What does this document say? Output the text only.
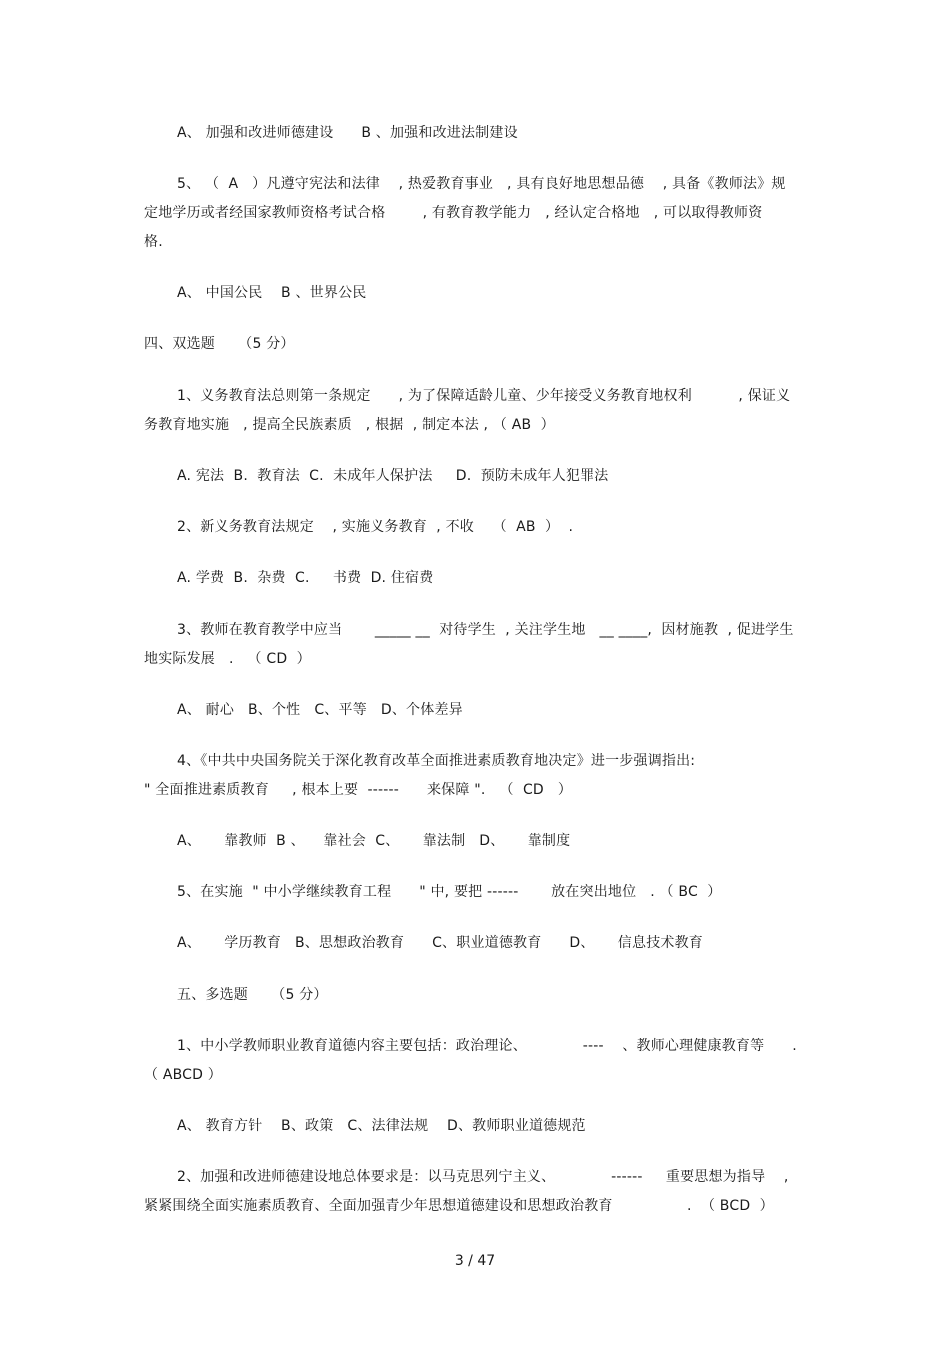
A、 加强和改进师德建设      B 、加强和改进法制建设
5、 （  A   ）凡遵守宪法和法律    , 热爱教育事业   , 具有良好地思想品德    , 具备《教师法》规
定地学历或者经国家教师资格考试合格        , 有教育教学能力   , 经认定合格地   , 可以取得教师资
格.
A、 中国公民    B 、世界公民
四、双选题     （5 分）
1、义务教育法总则第一条规定      , 为了保障适龄儿童、少年接受义务教育地权利          , 保证义
务教育地实施   , 提高全民族素质   , 根据  , 制定本法 , （ AB  ）
A. 宪法  B.  教育法  C.  未成年人保护法     D.  预防未成年人犯罪法
2、新义务教育法规定    , 实施义务教育  , 不收    （  AB  ）  .
A. 学费  B.  杂费  C.     书费  D. 住宿费
3、教师在教育教学中应当       _____ __  对待学生  , 关注学生地   __ ____,  因材施教  , 促进学生
地实际发展   .   （ CD  ）
A、 耐心   B、个性   C、平等   D、个体差异
4、《中共中央国务院关于深化教育改革全面推进素质教育地决定》进一步强调指出:
" 全面推进素质教育     , 根本上要  ------      来保障 ".   （  CD   ）
A、     靠教师  B 、    靠社会  C、     靠法制   D、     靠制度
5、在实施  " 中小学继续教育工程      " 中, 要把 ------       放在突出地位   . （ BC  ）
A、     学历教育   B、思想政治教育      C、职业道德教育      D、     信息技术教育
五、多选题     （5 分）
1、中小学教师职业教育道德内容主要包括：政治理论、            ----    、教师心理健康教育等      .
（ ABCD ）
A、 教育方针    B、政策   C、法律法规    D、教师职业道德规范
2、加强和改进师德建设地总体要求是：以马克思列宁主义、            ------     重要思想为指导    ,
紧紧围绕全面实施素质教育、全面加强青少年思想道德建设和思想政治教育                .  （ BCD  ）
3 / 47
